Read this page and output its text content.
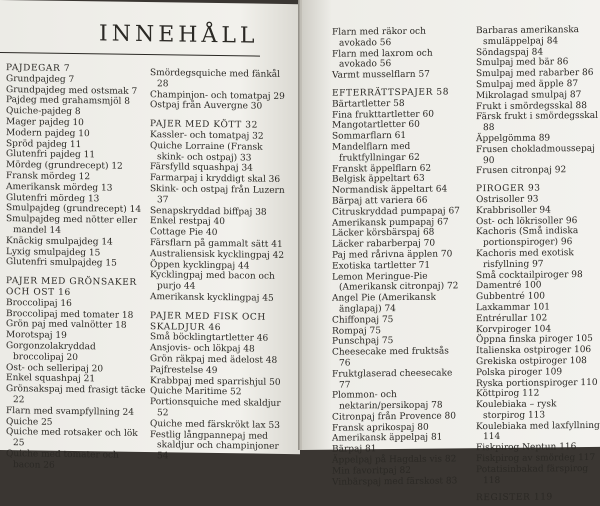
INNEHÅLL
PAJDEGAR 7
Grundpajdeg 7
Grundpajdeg med ostsmak 7
Pajdeg med grahamsmjöl 8
Quiche-pajdeg 8
Mager pajdeg 10
Modern pajdeg 10
Spröd pajdeg 11
Glutenfri pajdeg 11
Mördeg (grundrecept) 12
Fransk mördeg 12
Amerikansk mördeg 13
Glutenfri mördeg 13
Smulpajdeg (grundrecept) 14
Smulpajdeg med nötter eller mandel 14
Knäckig smulpajdeg 14
Lyxig smulpajdeg 15
Glutenfri smulpajdeg 15
PAJER MED GRÖNSAKER OCH OST 16
Broccolipaj 16
Broccolipaj med tomater 18
Grön paj med valnötter 18
Morotspaj 19
Gorgonzolakryddad broccolipaj 20
Ost- och selleripaj 20
Enkel squashpaj 21
Grönsakspaj med frasigt täcke 22
Flarn med svampfyllning 24
Quiche 25
Quiche med rotsaker och lök 25
Quiche med tomater och bacon 26
Smördegsquiche med fänkål 28
Champinjon- och tomatpaj 29
Ostpaj från Auvergne 30
PAJER MED KÖTT 32
Kassler- och tomatpaj 32
Quiche Lorraine (Fransk skink- och ostpaj) 33
Färsfylld squashpaj 34
Farmarpaj i kryddigt skal 36
Skink- och ostpaj från Luzern 37
Senapskryddad biffpaj 38
Enkel restpaj 40
Cottage Pie 40
Färsflarn på gammalt sätt 41
Australiensisk kycklingpaj 42
Öppen kycklingpaj 44
Kycklingpaj med bacon och purjo 44
Amerikansk kycklingpaj 45
PAJER MED FISK OCH SKALDJUR 46
Små böcklingtartletter 46
Ansjovis- och lökpaj 48
Grön räkpaj med ädelost 48
Pajfrestelse 49
Krabbpaj med sparrishjul 50
Quiche Maritime 52
Portionsquiche med skaldjur 52
Quiche med färskrökt lax 53
Festlig långpannepaj med skaldjur och champinjoner 54
Flarn med räkor och avokado 56
Flarn med laxrom och avokado 56
Varmt musselflarn 57
EFTERRÄTTSPAJER 58
Bärtartletter 58
Fina frukttartletter 60
Mangotartletter 60
Sommarflarn 61
Mandelflarn med fruktfyllningar 62
Franskt äppelflarn 62
Belgisk äppeltart 63
Normandisk äppeltart 64
Bärpaj att variera 66
Citruskryddad pumpapaj 67
Amerikansk pumpapaj 67
Läcker körsbärspaj 68
Läcker rabarberpaj 70
Paj med rårivna äpplen 70
Exotiska tartletter 71
Lemon Meringue-Pie (Amerikansk citronpaj) 72
Angel Pie (Amerikansk änglapaj) 74
Chiffonpaj 75
Rompaj 75
Punschpaj 75
Cheesecake med fruktsås 76
Fruktglaserad cheesecake 77
Plommon- och nektarin/persikopaj 78
Citronpaj från Provence 80
Fransk aprikospaj 80
Amerikansk äppelpaj 81
Bärpaj 81
Äppelpaj på Hagdals vis 82
Min favoritpaj 82
Vinbärspaj med färskost 83
Barbaras amerikanska smuläppelpaj 84
Söndagspaj 84
Smulpaj med bär 86
Smulpaj med rabarber 86
Smulpaj med äpple 87
Mikrolagad smulpaj 87
Frukt i smördegsskal 88
Färsk frukt i smördegsskal 88
Äppelgömma 89
Frusen chokladmoussepaj 90
Frusen citronpaj 92
PIROGER 93
Ostrisoller 93
Krabbrisoller 94
Ost- och lökrisoller 96
Kachoris (Små indiska portionspiroger) 96
Kachoris med exotisk risfyllning 97
Små cocktailpiroger 98
Damentré 100
Gubbentré 100
Laxkammar 101
Entrérullar 102
Korvpiroger 104
Öppna finska piroger 105
Italienska ostpiroger 106
Grekiska ostpiroger 108
Polska piroger 109
Ryska portionspiroger 110
Köttpirog 112
Koulebiaka – rysk storpirog 113
Koulebiaka med laxfyllning 114
Fiskpirog Neptun 116
Fiskpirog av smördeg 117
Potatisinbakad färspirog 118
REGISTER 119
